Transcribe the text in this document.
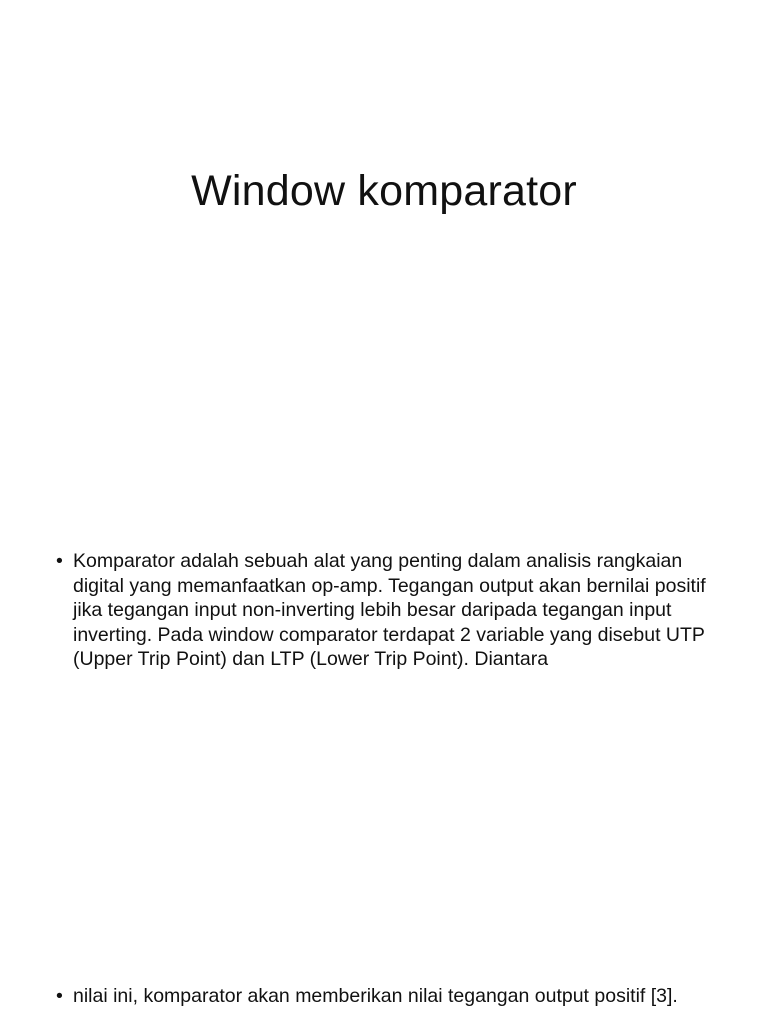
Window komparator
• Komparator adalah sebuah alat yang penting dalam analisis rangkaian digital yang memanfaatkan op-amp. Tegangan output akan bernilai positif jika tegangan input non-inverting lebih besar daripada tegangan input inverting. Pada window comparator terdapat 2 variable yang disebut UTP (Upper Trip Point) dan LTP (Lower Trip Point). Diantara
• nilai ini, komparator akan memberikan nilai tegangan output positif [3].
